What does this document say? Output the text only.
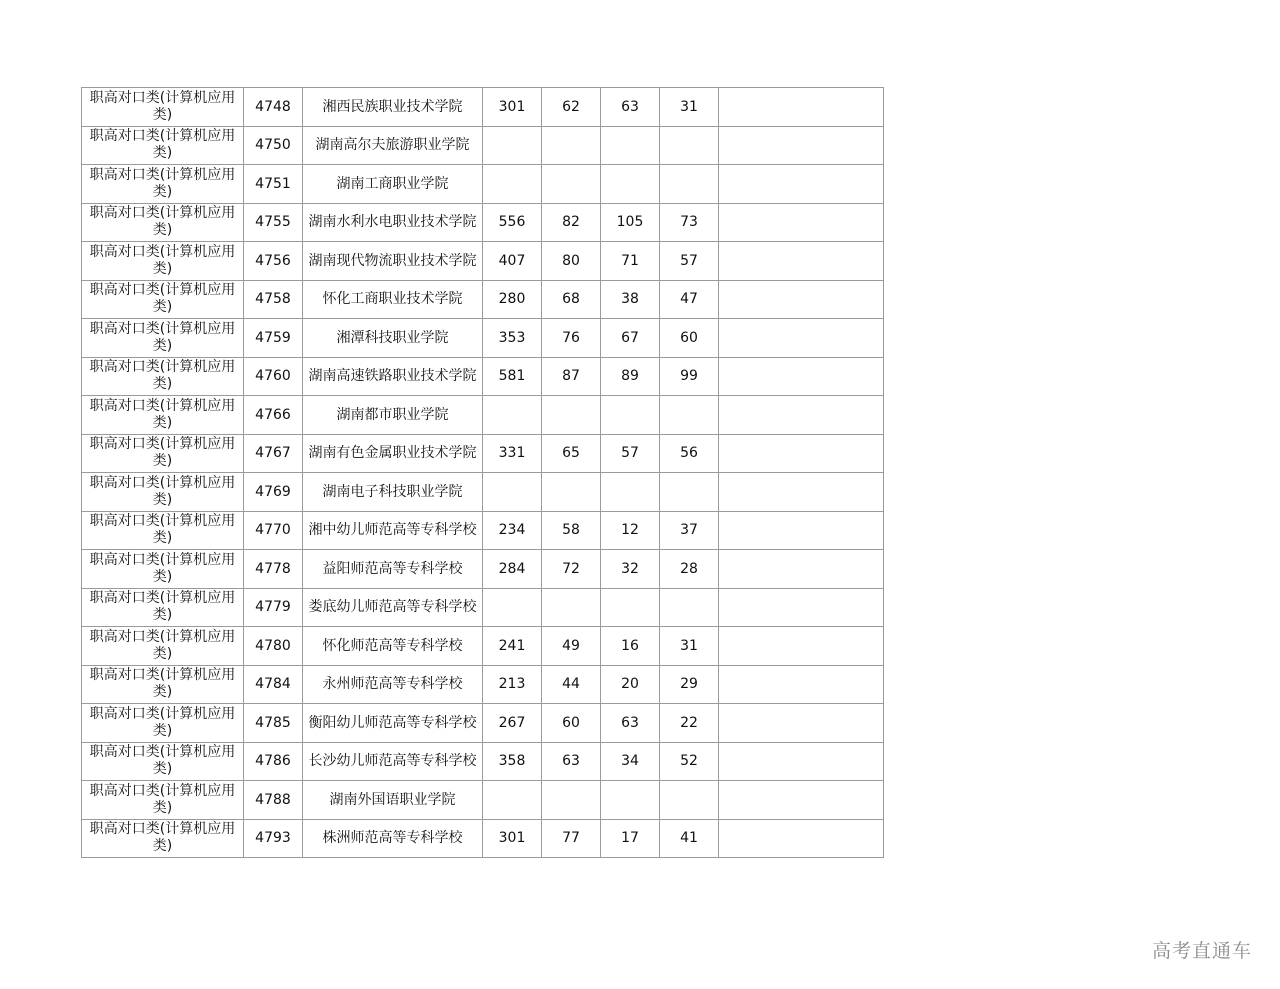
职高对口类(计算机应用类)	4748	湘西民族职业技术学院	301	62	63	31	
职高对口类(计算机应用类)	4750	湖南高尔夫旅游职业学院					
职高对口类(计算机应用类)	4751	湖南工商职业学院					
职高对口类(计算机应用类)	4755	湖南水利水电职业技术学院	556	82	105	73	
职高对口类(计算机应用类)	4756	湖南现代物流职业技术学院	407	80	71	57	
职高对口类(计算机应用类)	4758	怀化工商职业技术学院	280	68	38	47	
职高对口类(计算机应用类)	4759	湘潭科技职业学院	353	76	67	60	
职高对口类(计算机应用类)	4760	湖南高速铁路职业技术学院	581	87	89	99	
职高对口类(计算机应用类)	4766	湖南都市职业学院					
职高对口类(计算机应用类)	4767	湖南有色金属职业技术学院	331	65	57	56	
职高对口类(计算机应用类)	4769	湖南电子科技职业学院					
职高对口类(计算机应用类)	4770	湘中幼儿师范高等专科学校	234	58	12	37	
职高对口类(计算机应用类)	4778	益阳师范高等专科学校	284	72	32	28	
职高对口类(计算机应用类)	4779	娄底幼儿师范高等专科学校					
职高对口类(计算机应用类)	4780	怀化师范高等专科学校	241	49	16	31	
职高对口类(计算机应用类)	4784	永州师范高等专科学校	213	44	20	29	
职高对口类(计算机应用类)	4785	衡阳幼儿师范高等专科学校	267	60	63	22	
职高对口类(计算机应用类)	4786	长沙幼儿师范高等专科学校	358	63	34	52	
职高对口类(计算机应用类)	4788	湖南外国语职业学院					
职高对口类(计算机应用类)	4793	株洲师范高等专科学校	301	77	17	41	
高考直通车
